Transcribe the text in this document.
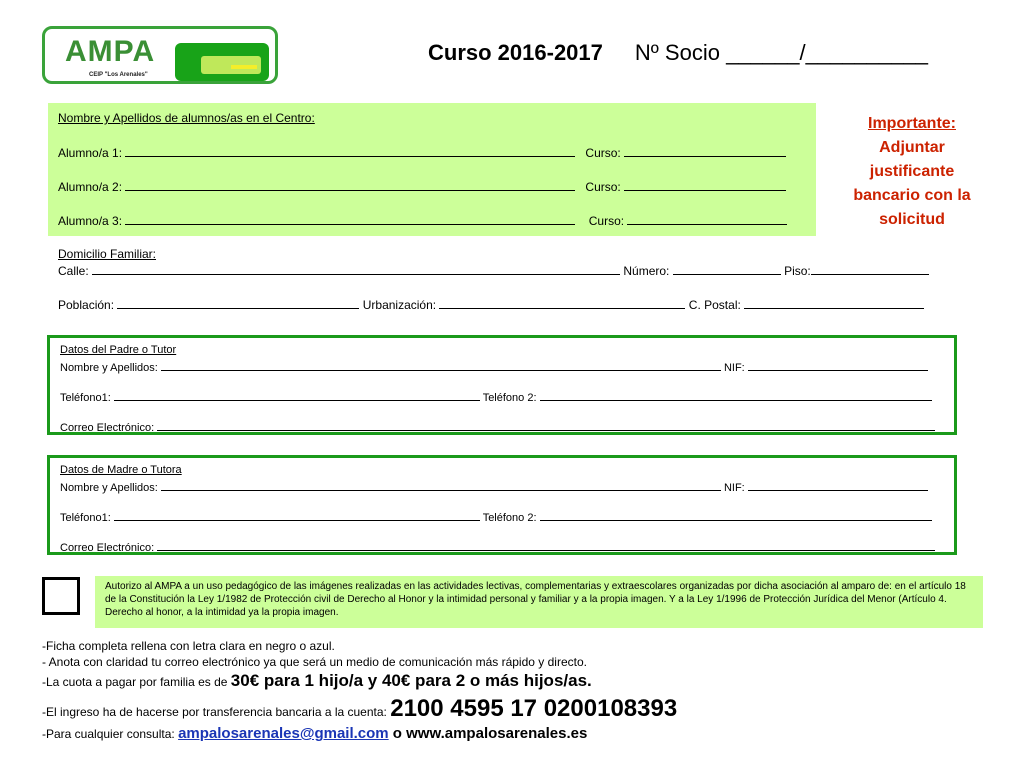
AMPA
CEIP "Los Arenales"
Curso 2016-2017 Nº Socio ______/__________
Nombre y Apellidos de alumnos/as en el Centro:
Alumno/a 1:	Curso:
Alumno/a 2:	Curso:
Alumno/a 3:	Curso:
Importante:
Adjuntar justificante bancario con la solicitud
Domicilio Familiar:
Calle:	Número:	Piso:
Población:	Urbanización:	C. Postal:
Datos del Padre o Tutor
Nombre y Apellidos:	NIF:
Teléfono1:	Teléfono 2:
Correo Electrónico:
Datos de Madre o Tutora
Nombre y Apellidos:	NIF:
Teléfono1:	Teléfono 2:
Correo Electrónico:
Autorizo al AMPA a un uso pedagógico de las imágenes realizadas en las actividades lectivas, complementarias y extraescolares organizadas por dicha asociación al amparo de: en el artículo 18 de la Constitución la Ley 1/1982 de Protección civil de Derecho al Honor y la intimidad personal y familiar y a la propia imagen. Y a la Ley 1/1996 de Protección Jurídica del Menor (Artículo 4. Derecho al honor, a la intimidad ya la propia imagen.
-Ficha completa rellena con letra clara en negro o azul.
- Anota con claridad tu correo electrónico ya que será un medio de comunicación más rápido y directo.
-La cuota a pagar por familia es de 30€ para 1 hijo/a y 40€ para 2 o más hijos/as.
-El ingreso ha de hacerse por transferencia bancaria a la cuenta: 2100 4595 17 0200108393
-Para cualquier consulta: ampalosarenales@gmail.com o www.ampalosarenales.es
